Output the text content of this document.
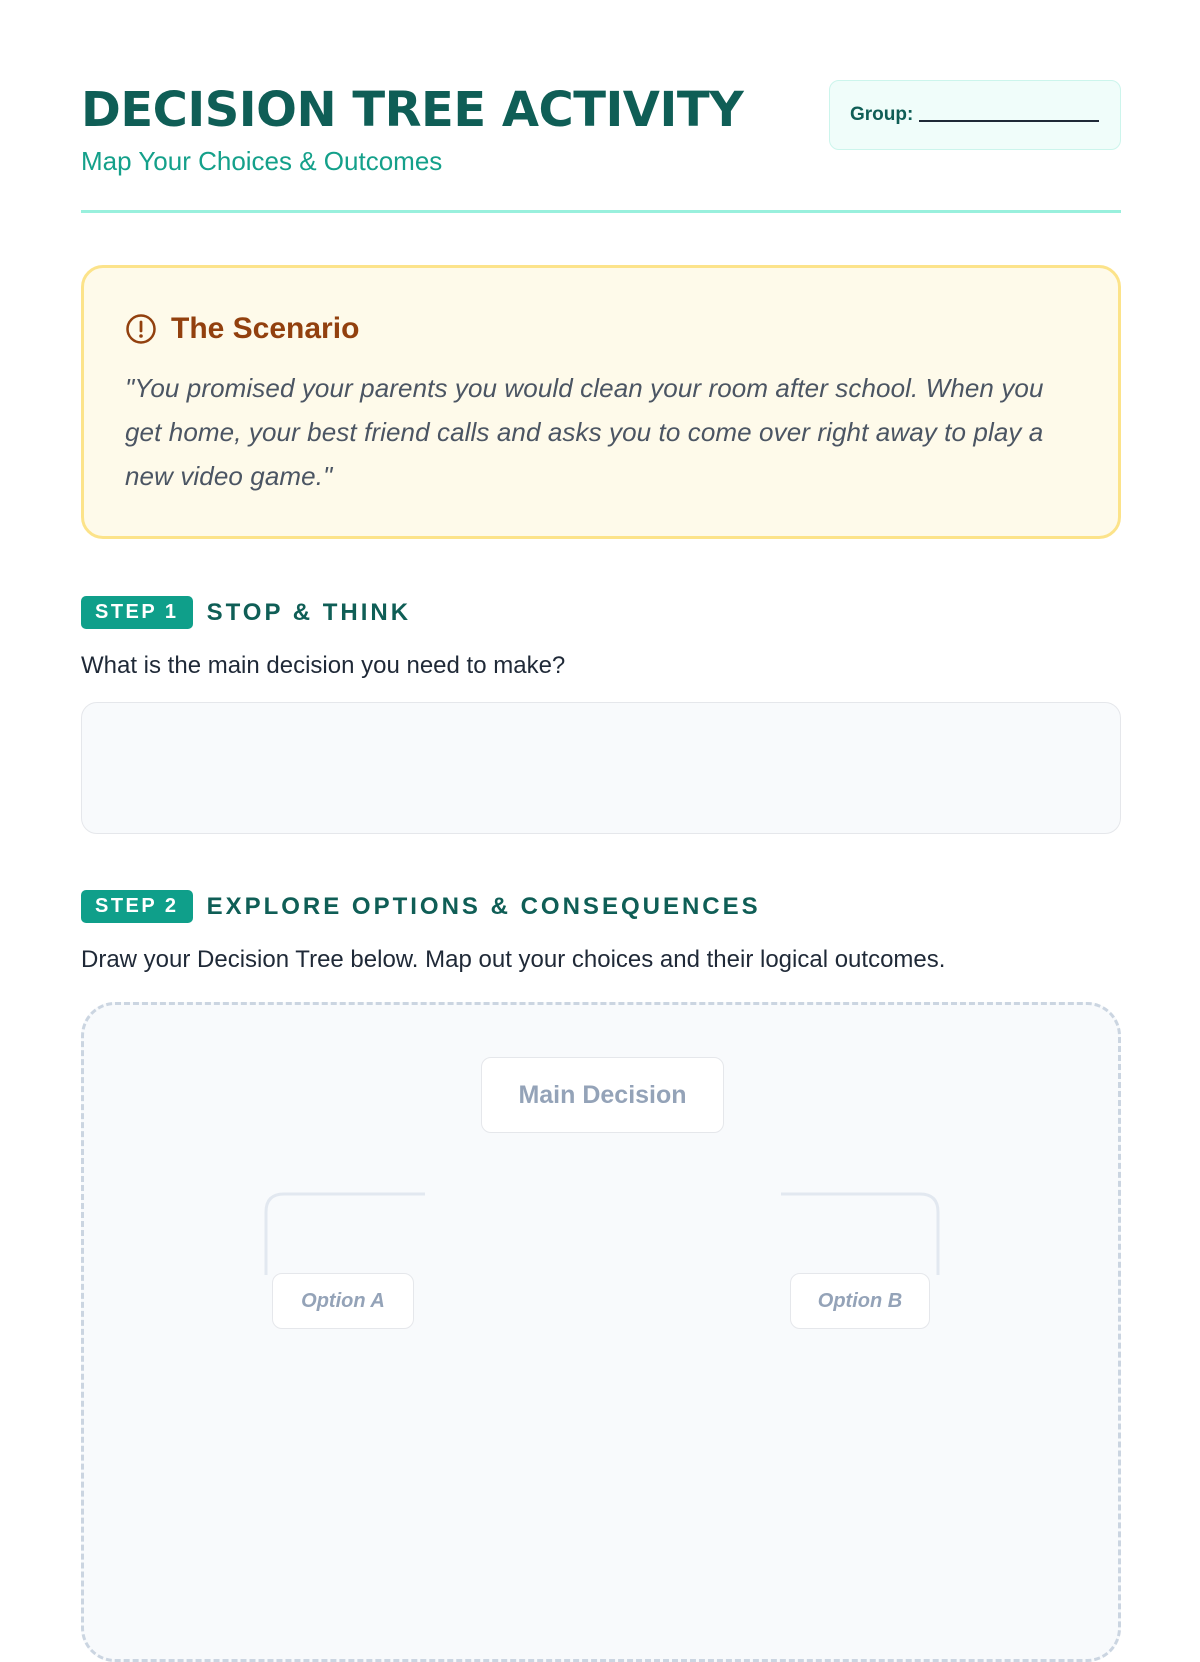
DECISION TREE ACTIVITY
Map Your Choices & Outcomes
Group:
The Scenario
"You promised your parents you would clean your room after school. When you get home, your best friend calls and asks you to come over right away to play a new video game."
STEP 1	STOP & THINK
What is the main decision you need to make?
STEP 2	EXPLORE OPTIONS & CONSEQUENCES
Draw your Decision Tree below. Map out your choices and their logical outcomes.
Main Decision
Option A	Option B
